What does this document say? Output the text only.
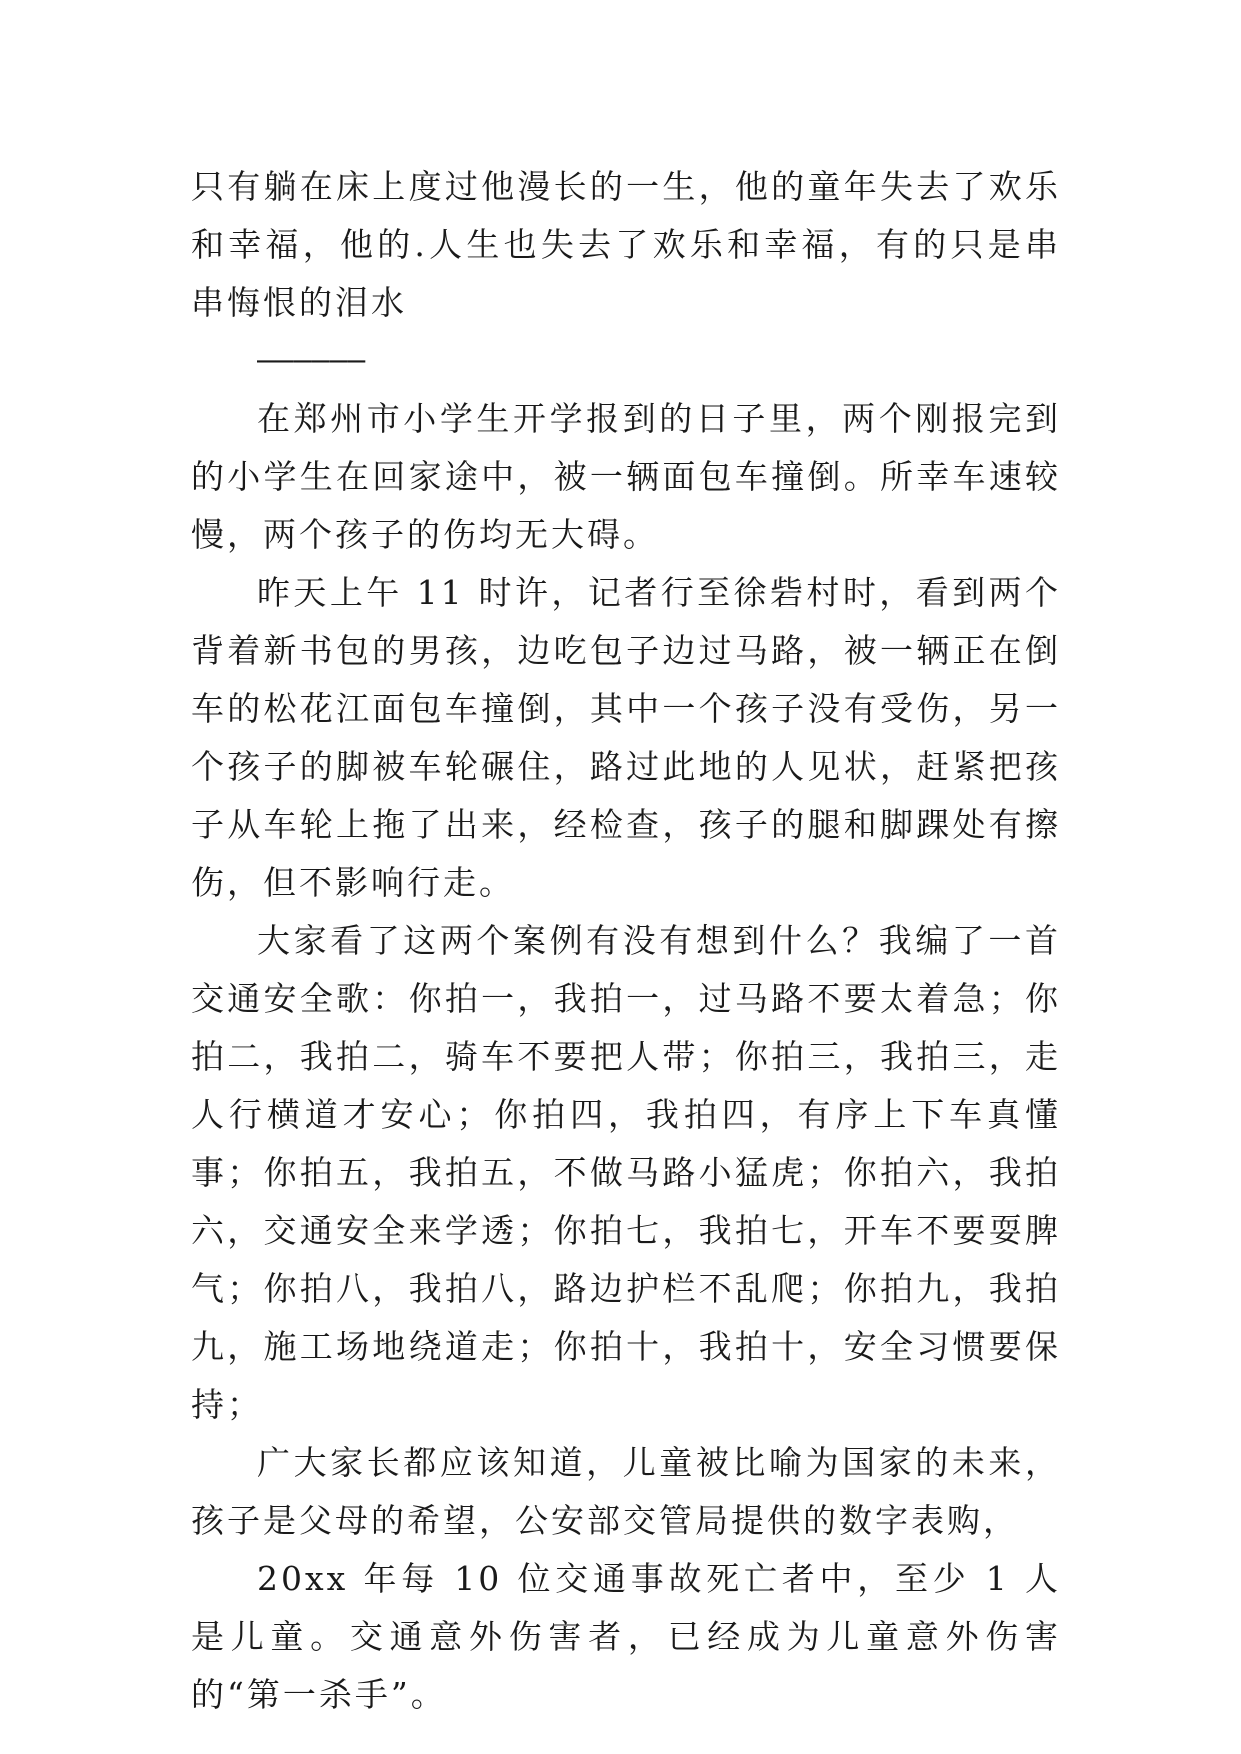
只有躺在床上度过他漫长的一生，他的童年失去了欢乐和幸福，他的.人生也失去了欢乐和幸福，有的只是串串悔恨的泪水

——————

在郑州市小学生开学报到的日子里，两个刚报完到的小学生在回家途中，被一辆面包车撞倒。所幸车速较慢，两个孩子的伤均无大碍。

昨天上午 11 时许，记者行至徐砦村时，看到两个背着新书包的男孩，边吃包子边过马路，被一辆正在倒车的松花江面包车撞倒，其中一个孩子没有受伤，另一个孩子的脚被车轮碾住，路过此地的人见状，赶紧把孩子从车轮上拖了出来，经检查，孩子的腿和脚踝处有擦伤，但不影响行走。

大家看了这两个案例有没有想到什么？我编了一首交通安全歌：你拍一，我拍一，过马路不要太着急；你拍二，我拍二，骑车不要把人带；你拍三，我拍三，走人行横道才安心；你拍四，我拍四，有序上下车真懂事；你拍五，我拍五，不做马路小猛虎；你拍六，我拍六，交通安全来学透；你拍七，我拍七，开车不要耍脾气；你拍八，我拍八，路边护栏不乱爬；你拍九，我拍九，施工场地绕道走；你拍十，我拍十，安全习惯要保持；

广大家长都应该知道，儿童被比喻为国家的未来，孩子是父母的希望，公安部交管局提供的数字表购，

20xx 年每 10 位交通事故死亡者中，至少 1 人是儿童。交通意外伤害者，已经成为儿童意外伤害的“第一杀手”。
